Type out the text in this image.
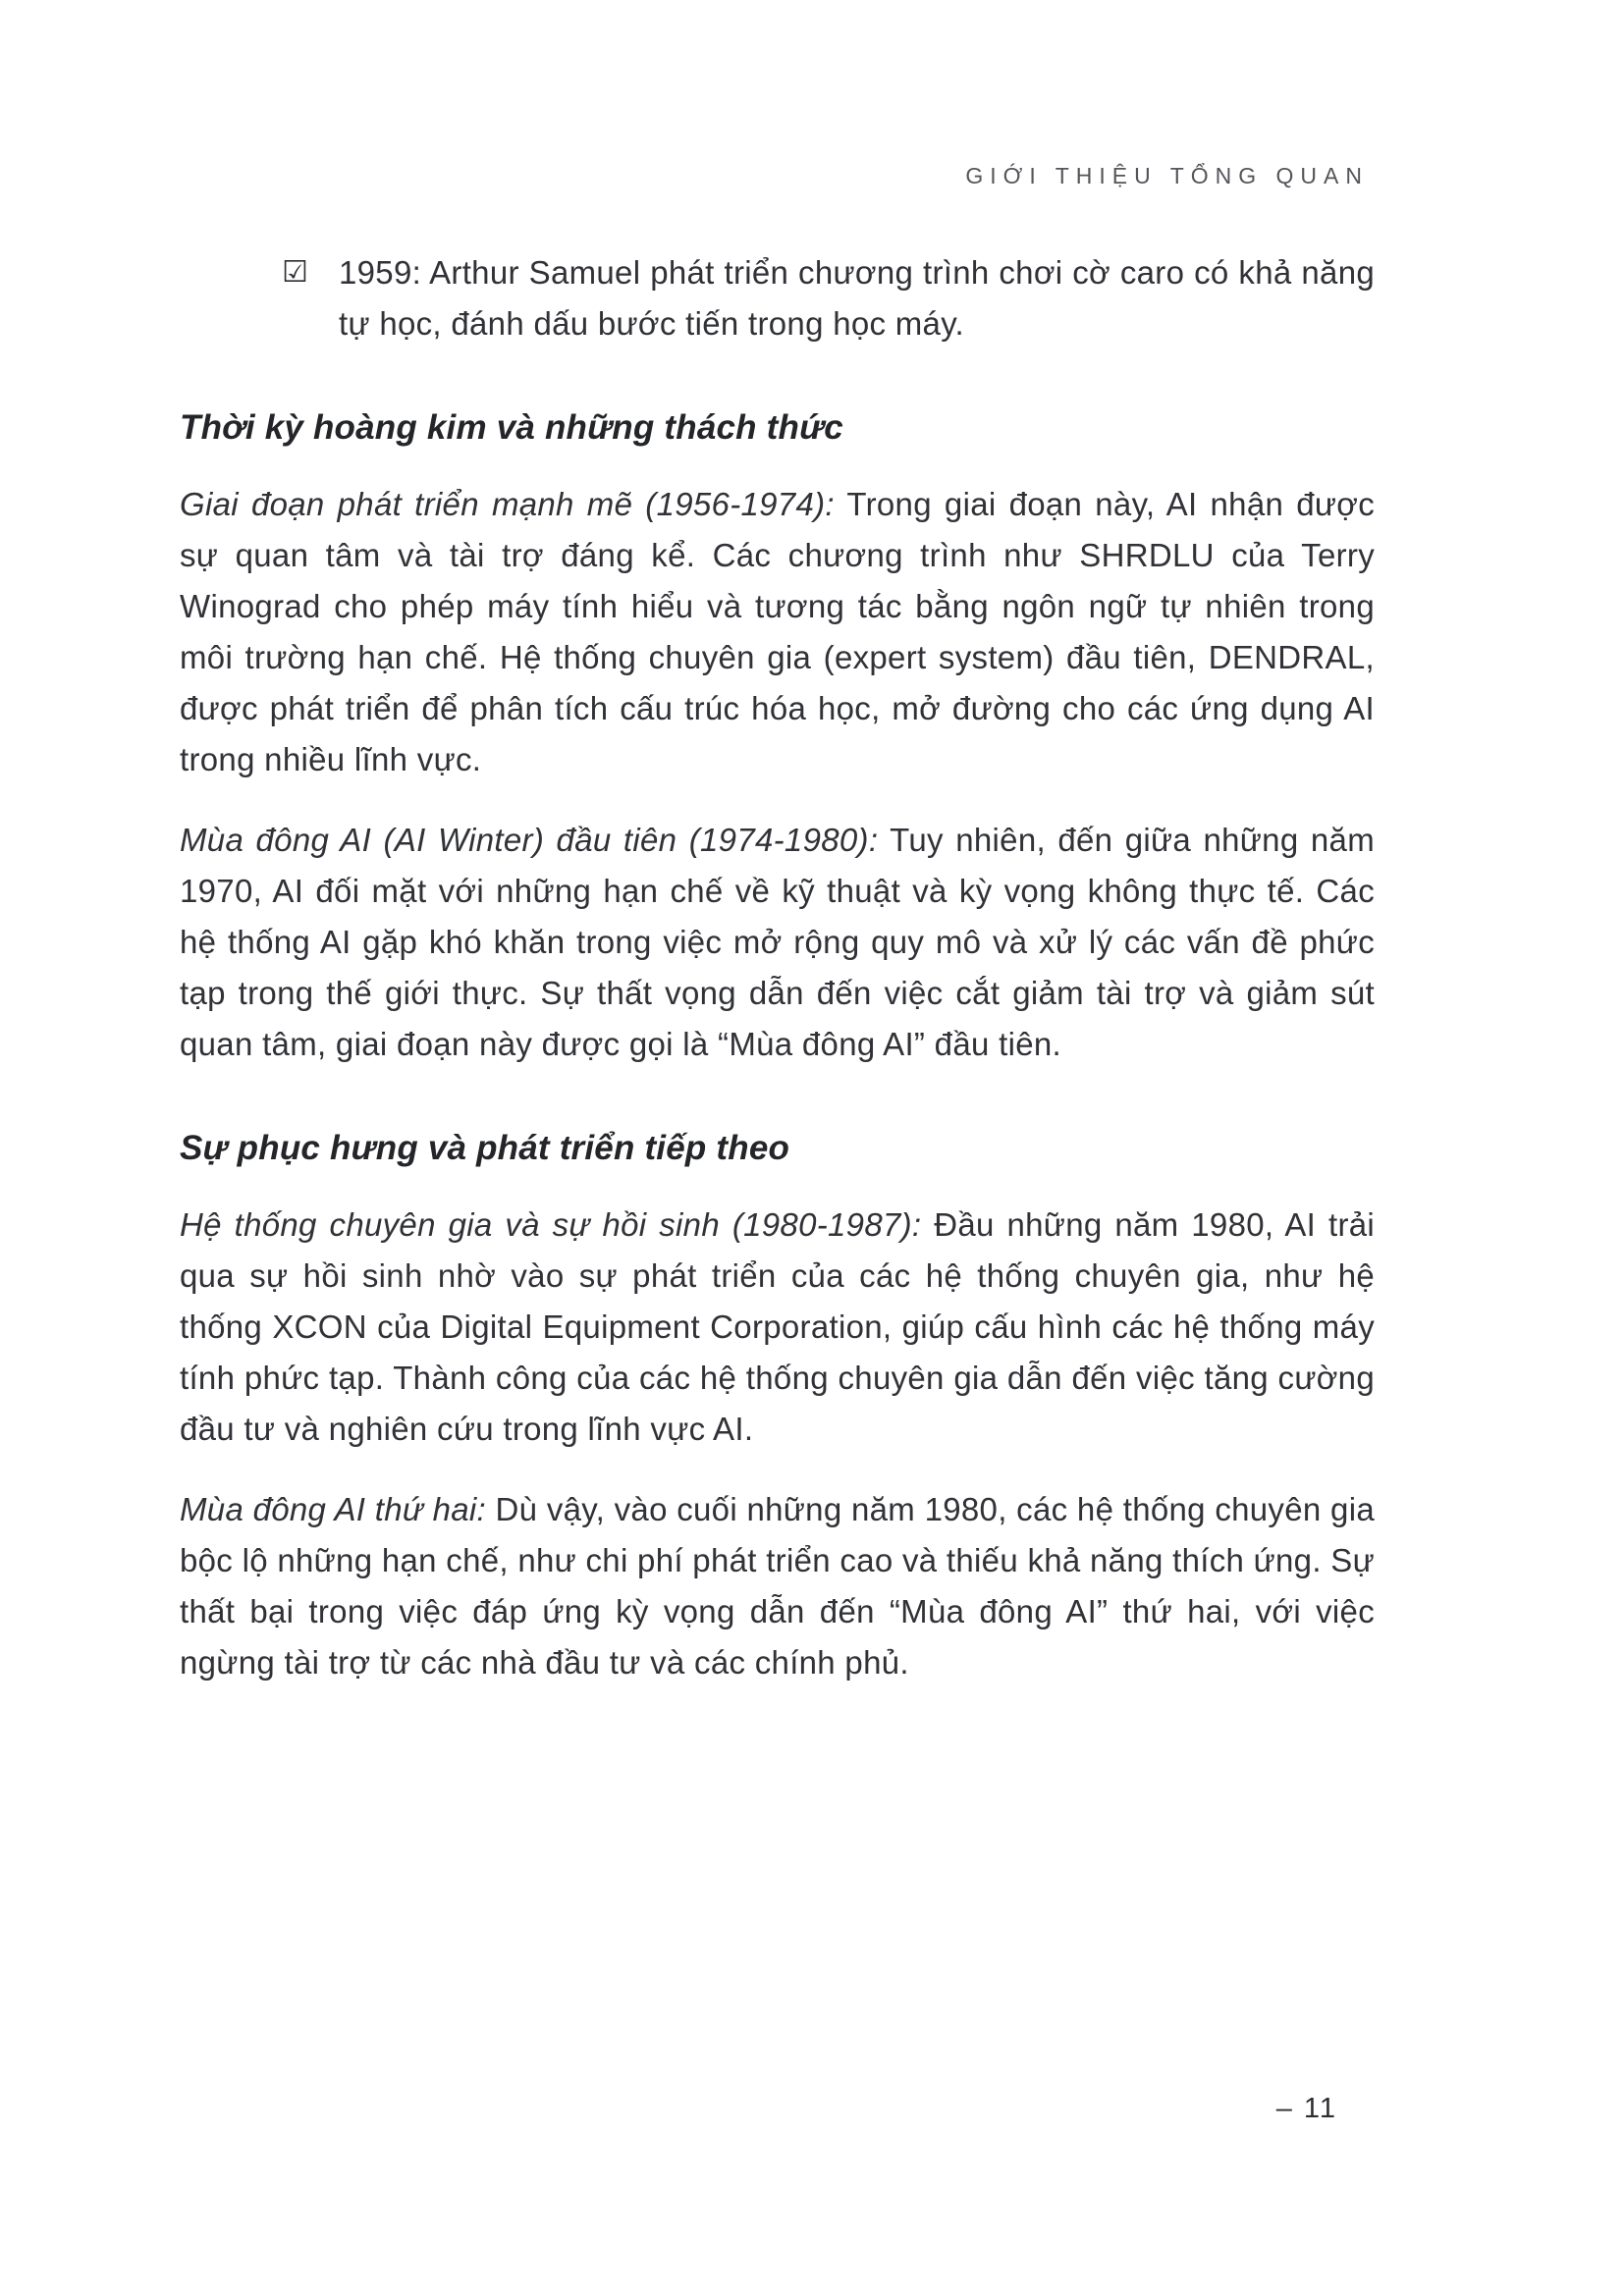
GIỚI THIỆU TỔNG QUAN
☑ 1959: Arthur Samuel phát triển chương trình chơi cờ caro có khả năng tự học, đánh dấu bước tiến trong học máy.
Thời kỳ hoàng kim và những thách thức

Giai đoạn phát triển mạnh mẽ (1956-1974): Trong giai đoạn này, AI nhận được sự quan tâm và tài trợ đáng kể. Các chương trình như SHRDLU của Terry Winograd cho phép máy tính hiểu và tương tác bằng ngôn ngữ tự nhiên trong môi trường hạn chế. Hệ thống chuyên gia (expert system) đầu tiên, DENDRAL, được phát triển để phân tích cấu trúc hóa học, mở đường cho các ứng dụng AI trong nhiều lĩnh vực.

Mùa đông AI (AI Winter) đầu tiên (1974-1980): Tuy nhiên, đến giữa những năm 1970, AI đối mặt với những hạn chế về kỹ thuật và kỳ vọng không thực tế. Các hệ thống AI gặp khó khăn trong việc mở rộng quy mô và xử lý các vấn đề phức tạp trong thế giới thực. Sự thất vọng dẫn đến việc cắt giảm tài trợ và giảm sút quan tâm, giai đoạn này được gọi là “Mùa đông AI” đầu tiên.

Sự phục hưng và phát triển tiếp theo

Hệ thống chuyên gia và sự hồi sinh (1980-1987): Đầu những năm 1980, AI trải qua sự hồi sinh nhờ vào sự phát triển của các hệ thống chuyên gia, như hệ thống XCON của Digital Equipment Corporation, giúp cấu hình các hệ thống máy tính phức tạp. Thành công của các hệ thống chuyên gia dẫn đến việc tăng cường đầu tư và nghiên cứu trong lĩnh vực AI.

Mùa đông AI thứ hai: Dù vậy, vào cuối những năm 1980, các hệ thống chuyên gia bộc lộ những hạn chế, như chi phí phát triển cao và thiếu khả năng thích ứng. Sự thất bại trong việc đáp ứng kỳ vọng dẫn đến “Mùa đông AI” thứ hai, với việc ngừng tài trợ từ các nhà đầu tư và các chính phủ.

– 11
